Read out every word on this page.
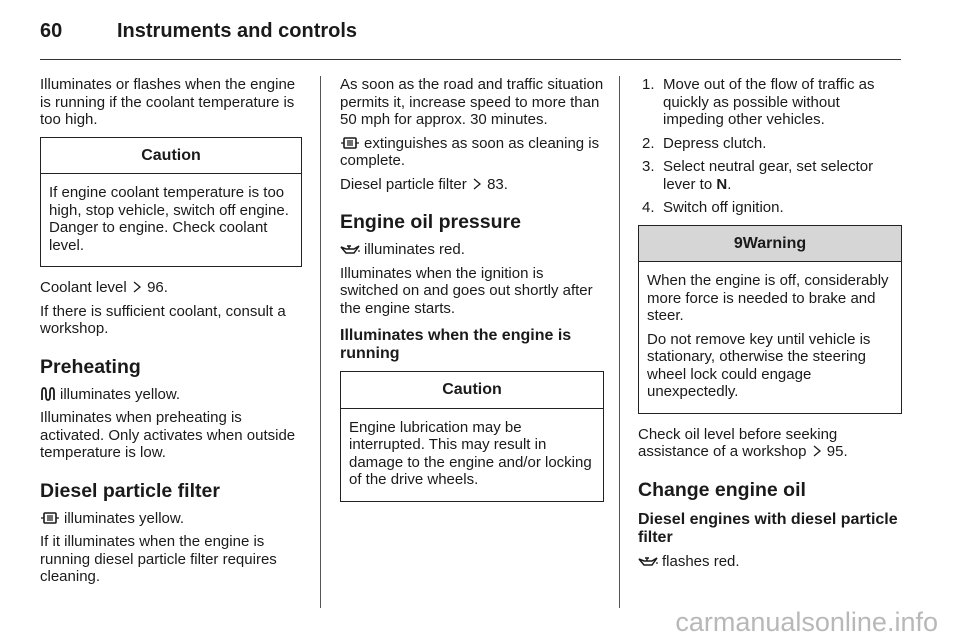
60	Instruments and controls

Illuminates or flashes when the engine is running if the coolant temperature is too high.

Caution

If engine coolant temperature is too high, stop vehicle, switch off engine. Danger to engine. Check coolant level.

Coolant level 96.

If there is sufficient coolant, consult a workshop.

Preheating

illuminates yellow.

Illuminates when preheating is activated. Only activates when outside temperature is low.

Diesel particle filter

illuminates yellow.

If it illuminates when the engine is running diesel particle filter requires cleaning.

As soon as the road and traffic situation permits it, increase speed to more than 50 mph for approx. 30 minutes.

extinguishes as soon as cleaning is complete.

Diesel particle filter 83.

Engine oil pressure

illuminates red.

Illuminates when the ignition is switched on and goes out shortly after the engine starts.

Illuminates when the engine is running
Caution

Engine lubrication may be interrupted. This may result in damage to the engine and/or locking of the drive wheels.

1. Move out of the flow of traffic as quickly as possible without impeding other vehicles.
2. Depress clutch.
3. Select neutral gear, set selector lever to N.
4. Switch off ignition.
9Warning

When the engine is off, considerably more force is needed to brake and steer.

Do not remove key until vehicle is stationary, otherwise the steering wheel lock could engage unexpectedly.

Check oil level before seeking assistance of a workshop 95.

Change engine oil
Diesel engines with diesel particle filter

flashes red.

carmanualsonline.info
